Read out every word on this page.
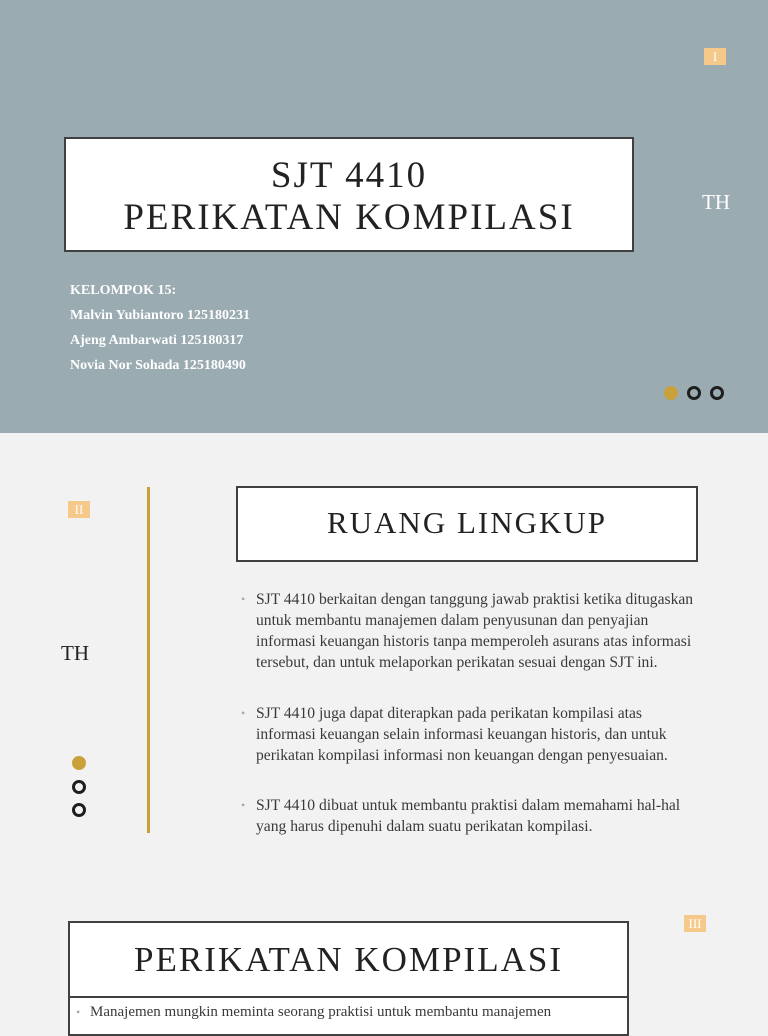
I
SJT 4410
PERIKATAN KOMPILASI	TH
KELOMPOK 15:
Malvin Yubiantoro 125180231
Ajeng Ambarwati 125180317
Novia Nor Sohada 125180490
II
TH
RUANG LINGKUP
• SJT 4410 berkaitan dengan tanggung jawab praktisi ketika ditugaskan untuk membantu manajemen dalam penyusunan dan penyajian informasi keuangan historis tanpa memperoleh asurans atas informasi tersebut, dan untuk melaporkan perikatan sesuai dengan SJT ini.
• SJT 4410 juga dapat diterapkan pada perikatan kompilasi atas informasi keuangan selain informasi keuangan historis, dan untuk perikatan kompilasi informasi non keuangan dengan penyesuaian.
• SJT 4410 dibuat untuk membantu praktisi dalam memahami hal-hal yang harus dipenuhi dalam suatu perikatan kompilasi.
III
PERIKATAN KOMPILASI
• Manajemen mungkin meminta seorang praktisi untuk membantu manajemen
